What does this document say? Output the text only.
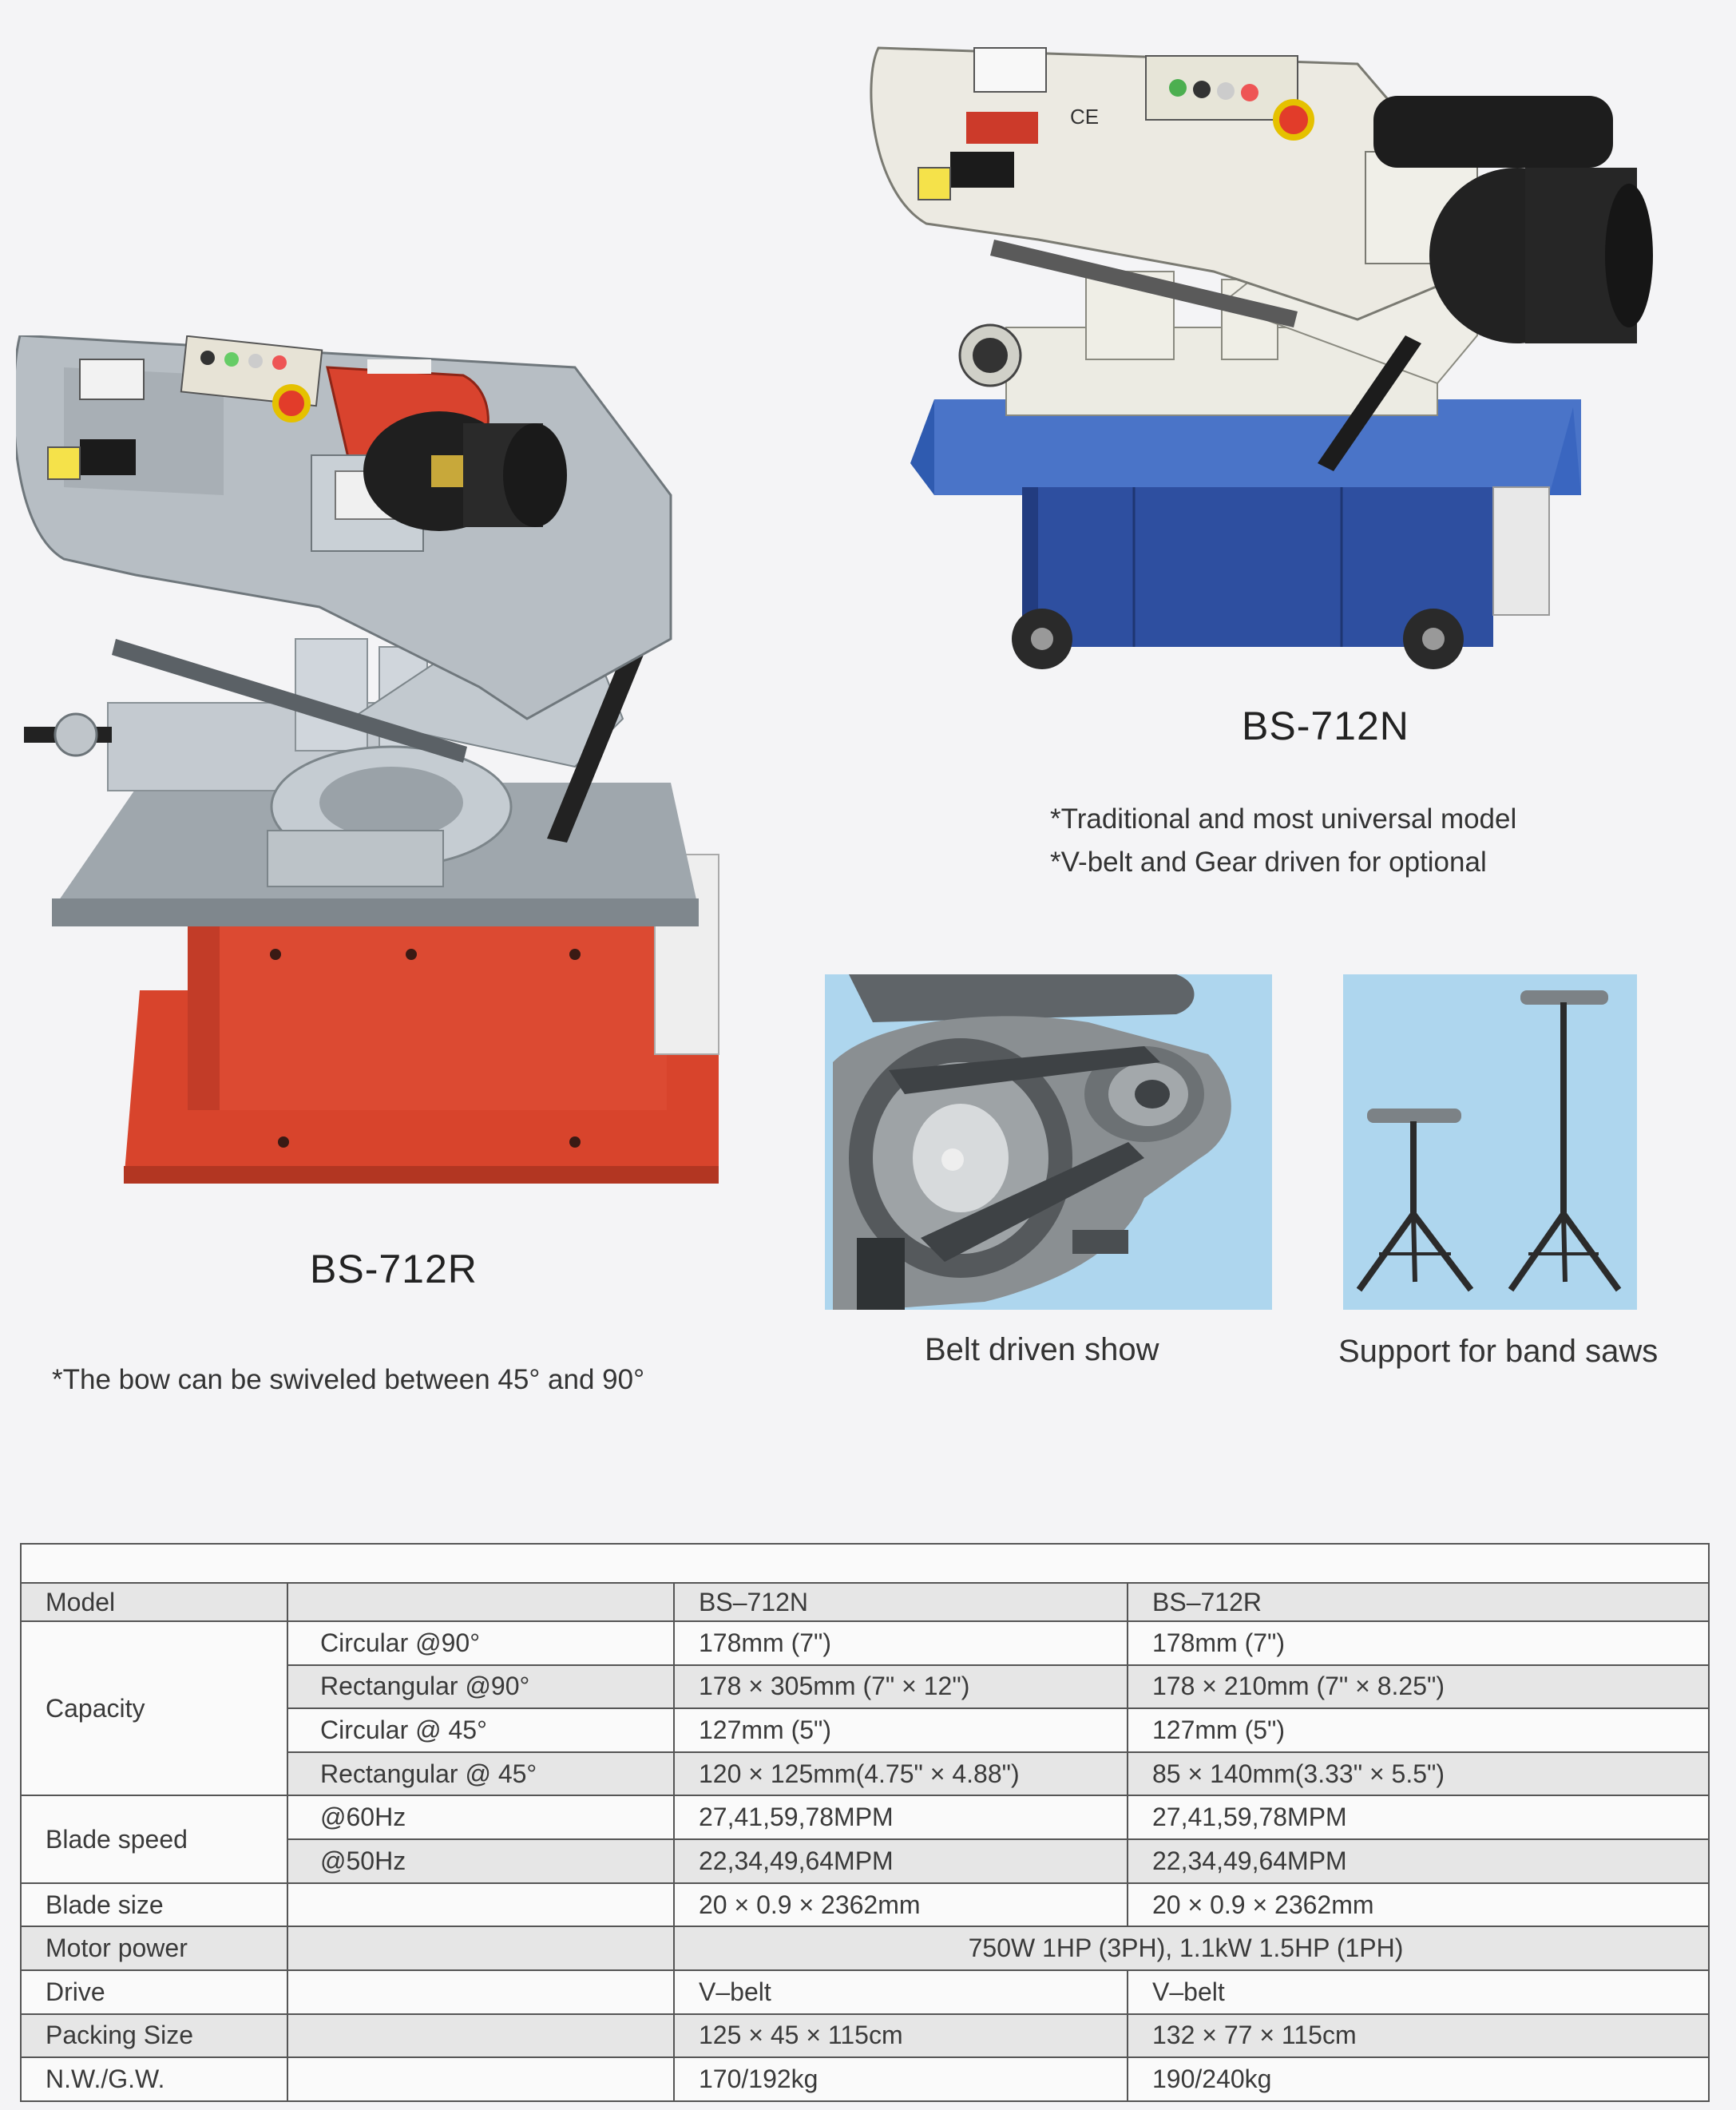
CE
BS-712N
*Traditional and most universal model
*V-belt and Gear driven for optional
BS-712R
*The bow can be swiveled between 45° and 90°
Belt driven show	Support for band saws

Model		BS–712N	BS–712R
Capacity	Circular @90°	178mm (7")	178mm (7")
	Rectangular @90°	178 × 305mm (7" × 12")	178 × 210mm (7" × 8.25")
	Circular @ 45°	127mm (5")	127mm (5")
	Rectangular @ 45°	120 × 125mm(4.75" × 4.88")	85 × 140mm(3.33" × 5.5")
Blade speed	@60Hz	27,41,59,78MPM	27,41,59,78MPM
	@50Hz	22,34,49,64MPM	22,34,49,64MPM
Blade size		20 × 0.9 × 2362mm	20 × 0.9 × 2362mm
Motor power		750W 1HP (3PH), 1.1kW 1.5HP (1PH)	
Drive		V–belt	V–belt
Packing Size		125 × 45 × 115cm	132 × 77 × 115cm
N.W./G.W.		170/192kg	190/240kg
